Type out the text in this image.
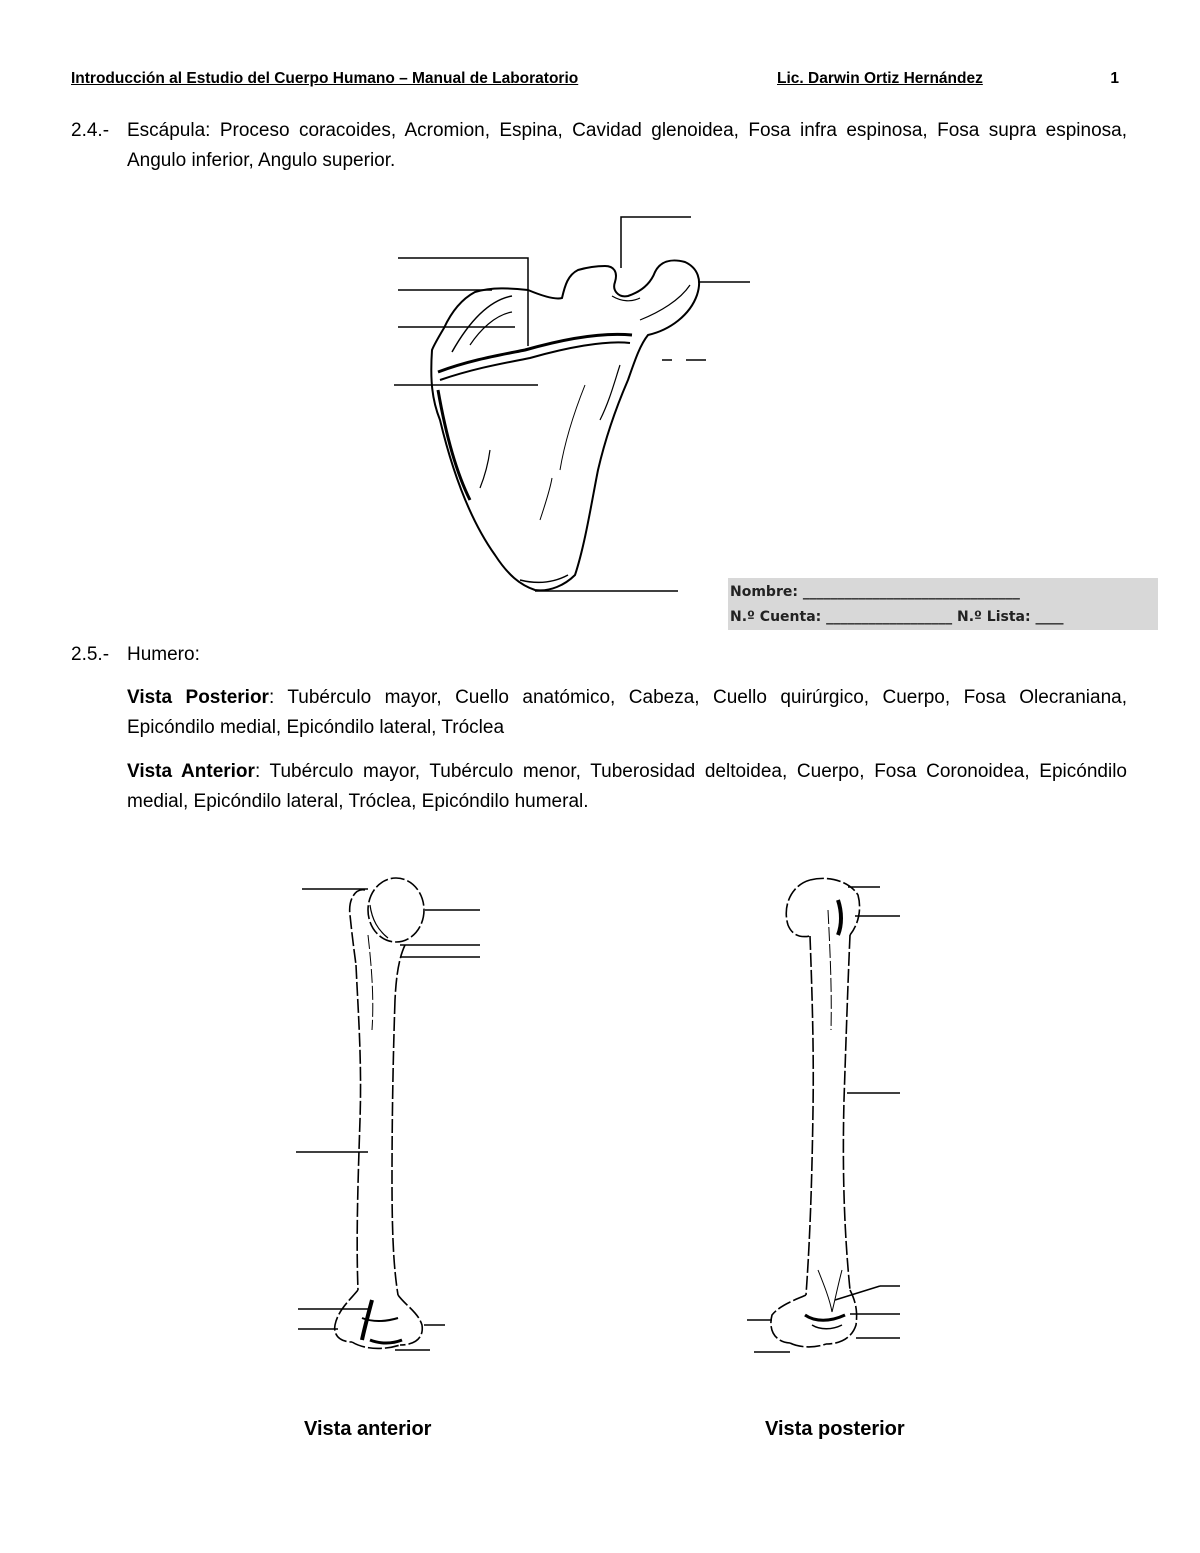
Introducción al Estudio del Cuerpo Humano – Manual de Laboratorio	Lic. Darwin Ortiz Hernández	1
2.4.- Escápula: Proceso coracoides, Acromion, Espina, Cavidad glenoidea, Fosa infra espinosa, Fosa supra espinosa, Angulo inferior, Angulo superior.
Nombre: _______________________________
N.º Cuenta: __________________ N.º Lista: ____
2.5.- Humero:
Vista Posterior: Tubérculo mayor, Cuello anatómico, Cabeza, Cuello quirúrgico, Cuerpo, Fosa Olecraniana, Epicóndilo medial, Epicóndilo lateral, Tróclea
Vista Anterior: Tubérculo mayor, Tubérculo menor, Tuberosidad deltoidea, Cuerpo, Fosa Coronoidea, Epicóndilo medial, Epicóndilo lateral, Tróclea, Epicóndilo humeral.
Vista anterior	Vista posterior
